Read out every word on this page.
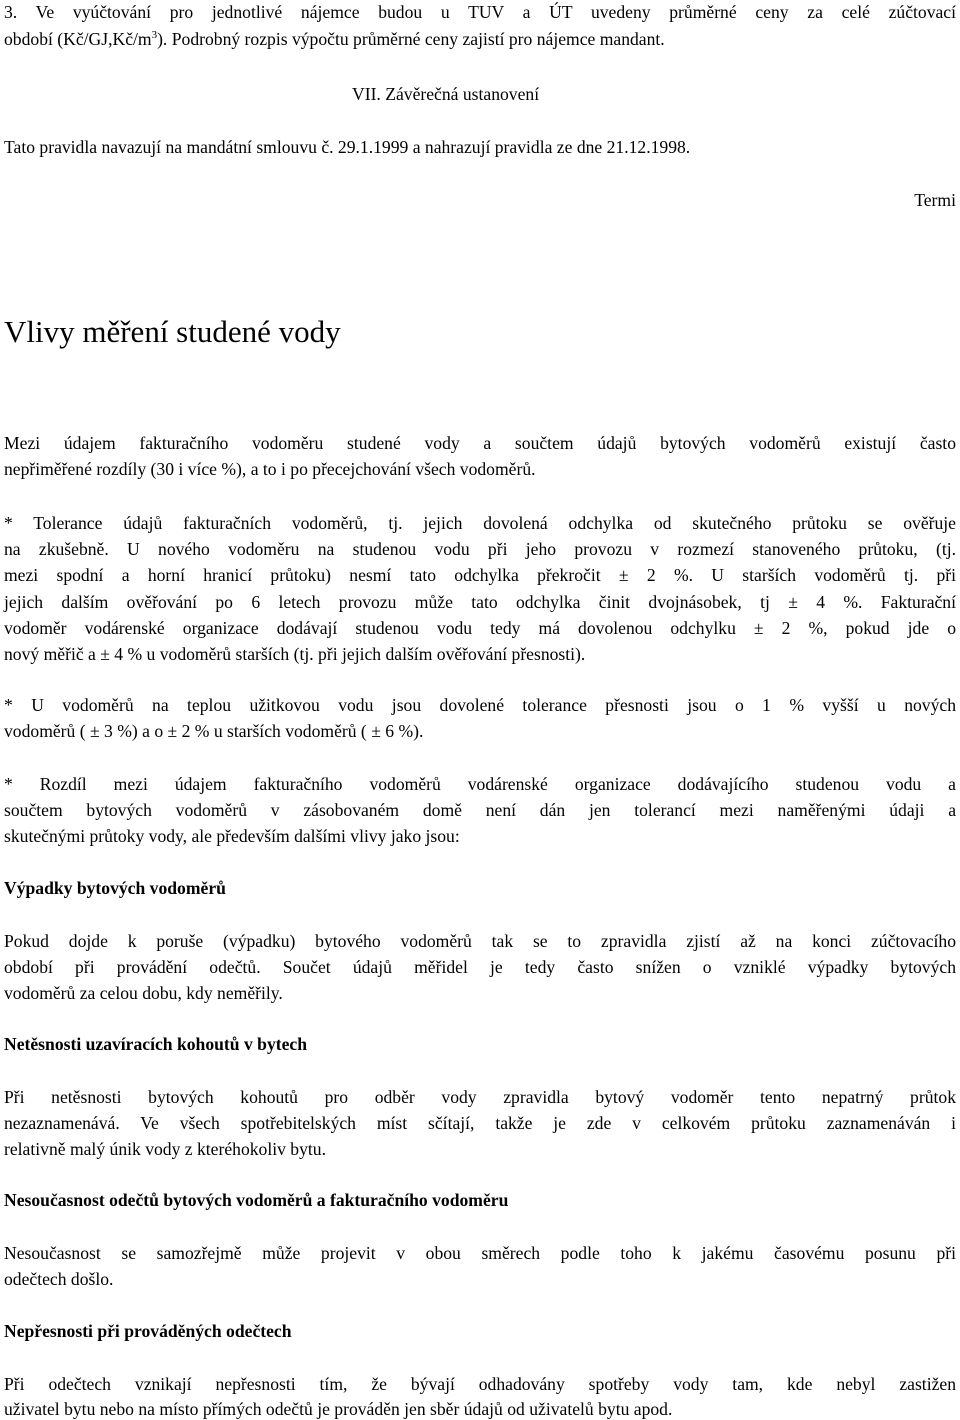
3. Ve vyúčtování pro jednotlivé nájemce budou u TUV a ÚT uvedeny průměrné ceny za celé zúčtovací
období $(Kč/GJ,Kč/m^3)$. Podrobný rozpis výpočtu průměrné ceny zajistí pro nájemce mandant.
VII. Závěrečná ustanovení
Tato pravidla navazují na mandátní smlouvu č. 29.1.1999 a nahrazují pravidla ze dne 21.12.1998.
Termi
Vlivy měření studené vody
Mezi údajem fakturačního vodoměru studené vody a součtem údajů bytových vodoměrů existují často
nepřiměřené rozdíly (30 i více %), a to i po přecejchování všech vodoměrů.
* Tolerance údajů fakturačních vodoměrů, tj. jejich dovolená odchylka od skutečného průtoku se ověřuje
na zkušebně. U nového vodoměru na studenou vodu při jeho provozu v rozmezí stanoveného průtoku, (tj.
mezi spodní a horní hranicí průtoku) nesmí tato odchylka překročit ± 2 %. U starších vodoměrů tj. při
jejich dalším ověřování po 6 letech provozu může tato odchylka činit dvojnásobek, tj ± 4 %. Fakturační
vodoměr vodárenské organizace dodávají studenou vodu tedy má dovolenou odchylku ± 2 %, pokud jde o
nový měřič a ± 4 % u vodoměrů starších (tj. při jejich dalším ověřování přesnosti).
* U vodoměrů na teplou užitkovou vodu jsou dovolené tolerance přesnosti jsou o 1 % vyšší u nových
vodoměrů ( ± 3 %) a o ± 2 % u starších vodoměrů ( ± 6 %).
* Rozdíl mezi údajem fakturačního vodoměrů vodárenské organizace dodávajícího studenou vodu a
součtem bytových vodoměrů v zásobovaném domě není dán jen tolerancí mezi naměřenými údaji a
skutečnými průtoky vody, ale především dalšími vlivy jako jsou:
Výpadky bytových vodoměrů
Pokud dojde k poruše (výpadku) bytového vodoměrů tak se to zpravidla zjistí až na konci zúčtovacího
období při provádění odečtů. Součet údajů měřidel je tedy často snížen o vzniklé výpadky bytových
vodoměrů za celou dobu, kdy neměřily.
Netěsnosti uzavíracích kohoutů v bytech
Při netěsnosti bytových kohoutů pro odběr vody zpravidla bytový vodoměr tento nepatrný průtok
nezaznamenává. Ve všech spotřebitelských míst sčítají, takže je zde v celkovém průtoku zaznamenáván i
relativně malý únik vody z kteréhokoliv bytu.
Nesoučasnost odečtů bytových vodoměrů a fakturačního vodoměru
Nesoučasnost se samozřejmě může projevit v obou směrech podle toho k jakému časovému posunu při
odečtech došlo.
Nepřesnosti při prováděných odečtech
Při odečtech vznikají nepřesnosti tím, že bývají odhadovány spotřeby vody tam, kde nebyl zastižen
uživatel bytu nebo na místo přímých odečtů je prováděn jen sběr údajů od uživatelů bytu apod.
